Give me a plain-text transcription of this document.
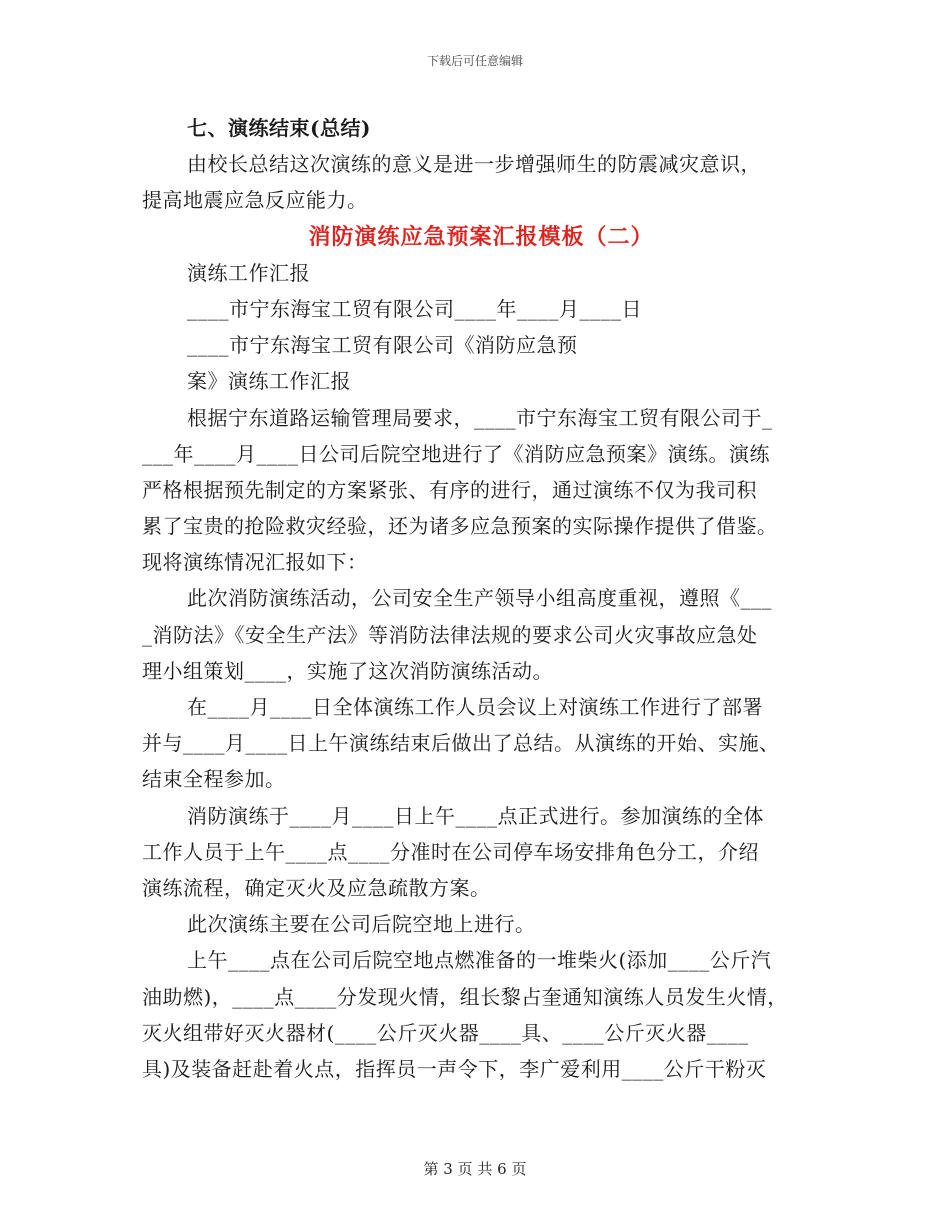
下载后可任意编辑
七、演练结束(总结)
由校长总结这次演练的意义是进一步增强师生的防震减灾意识，
提高地震应急反应能力。
消防演练应急预案汇报模板（二）
演练工作汇报
____市宁东海宝工贸有限公司____年____月____日
____市宁东海宝工贸有限公司《消防应急预
案》演练工作汇报
根据宁东道路运输管理局要求，____市宁东海宝工贸有限公司于_
___年____月____日公司后院空地进行了《消防应急预案》演练。演练
严格根据预先制定的方案紧张、有序的进行，通过演练不仅为我司积
累了宝贵的抢险救灾经验，还为诸多应急预案的实际操作提供了借鉴。
现将演练情况汇报如下：
此次消防演练活动，公司安全生产领导小组高度重视，遵照《___
_消防法》《安全生产法》等消防法律法规的要求公司火灾事故应急处
理小组策划____，实施了这次消防演练活动。
在____月____日全体演练工作人员会议上对演练工作进行了部署
并与____月____日上午演练结束后做出了总结。从演练的开始、实施、
结束全程参加。
消防演练于____月____日上午____点正式进行。参加演练的全体
工作人员于上午____点____分准时在公司停车场安排角色分工，介绍
演练流程，确定灭火及应急疏散方案。
此次演练主要在公司后院空地上进行。
上午____点在公司后院空地点燃准备的一堆柴火(添加____公斤汽
油助燃)，____点____分发现火情，组长黎占奎通知演练人员发生火情，
灭火组带好灭火器材(____公斤灭火器____具、____公斤灭火器____
具)及装备赶赴着火点，指挥员一声令下，李广爱利用____公斤干粉灭
第 3 页 共 6 页
